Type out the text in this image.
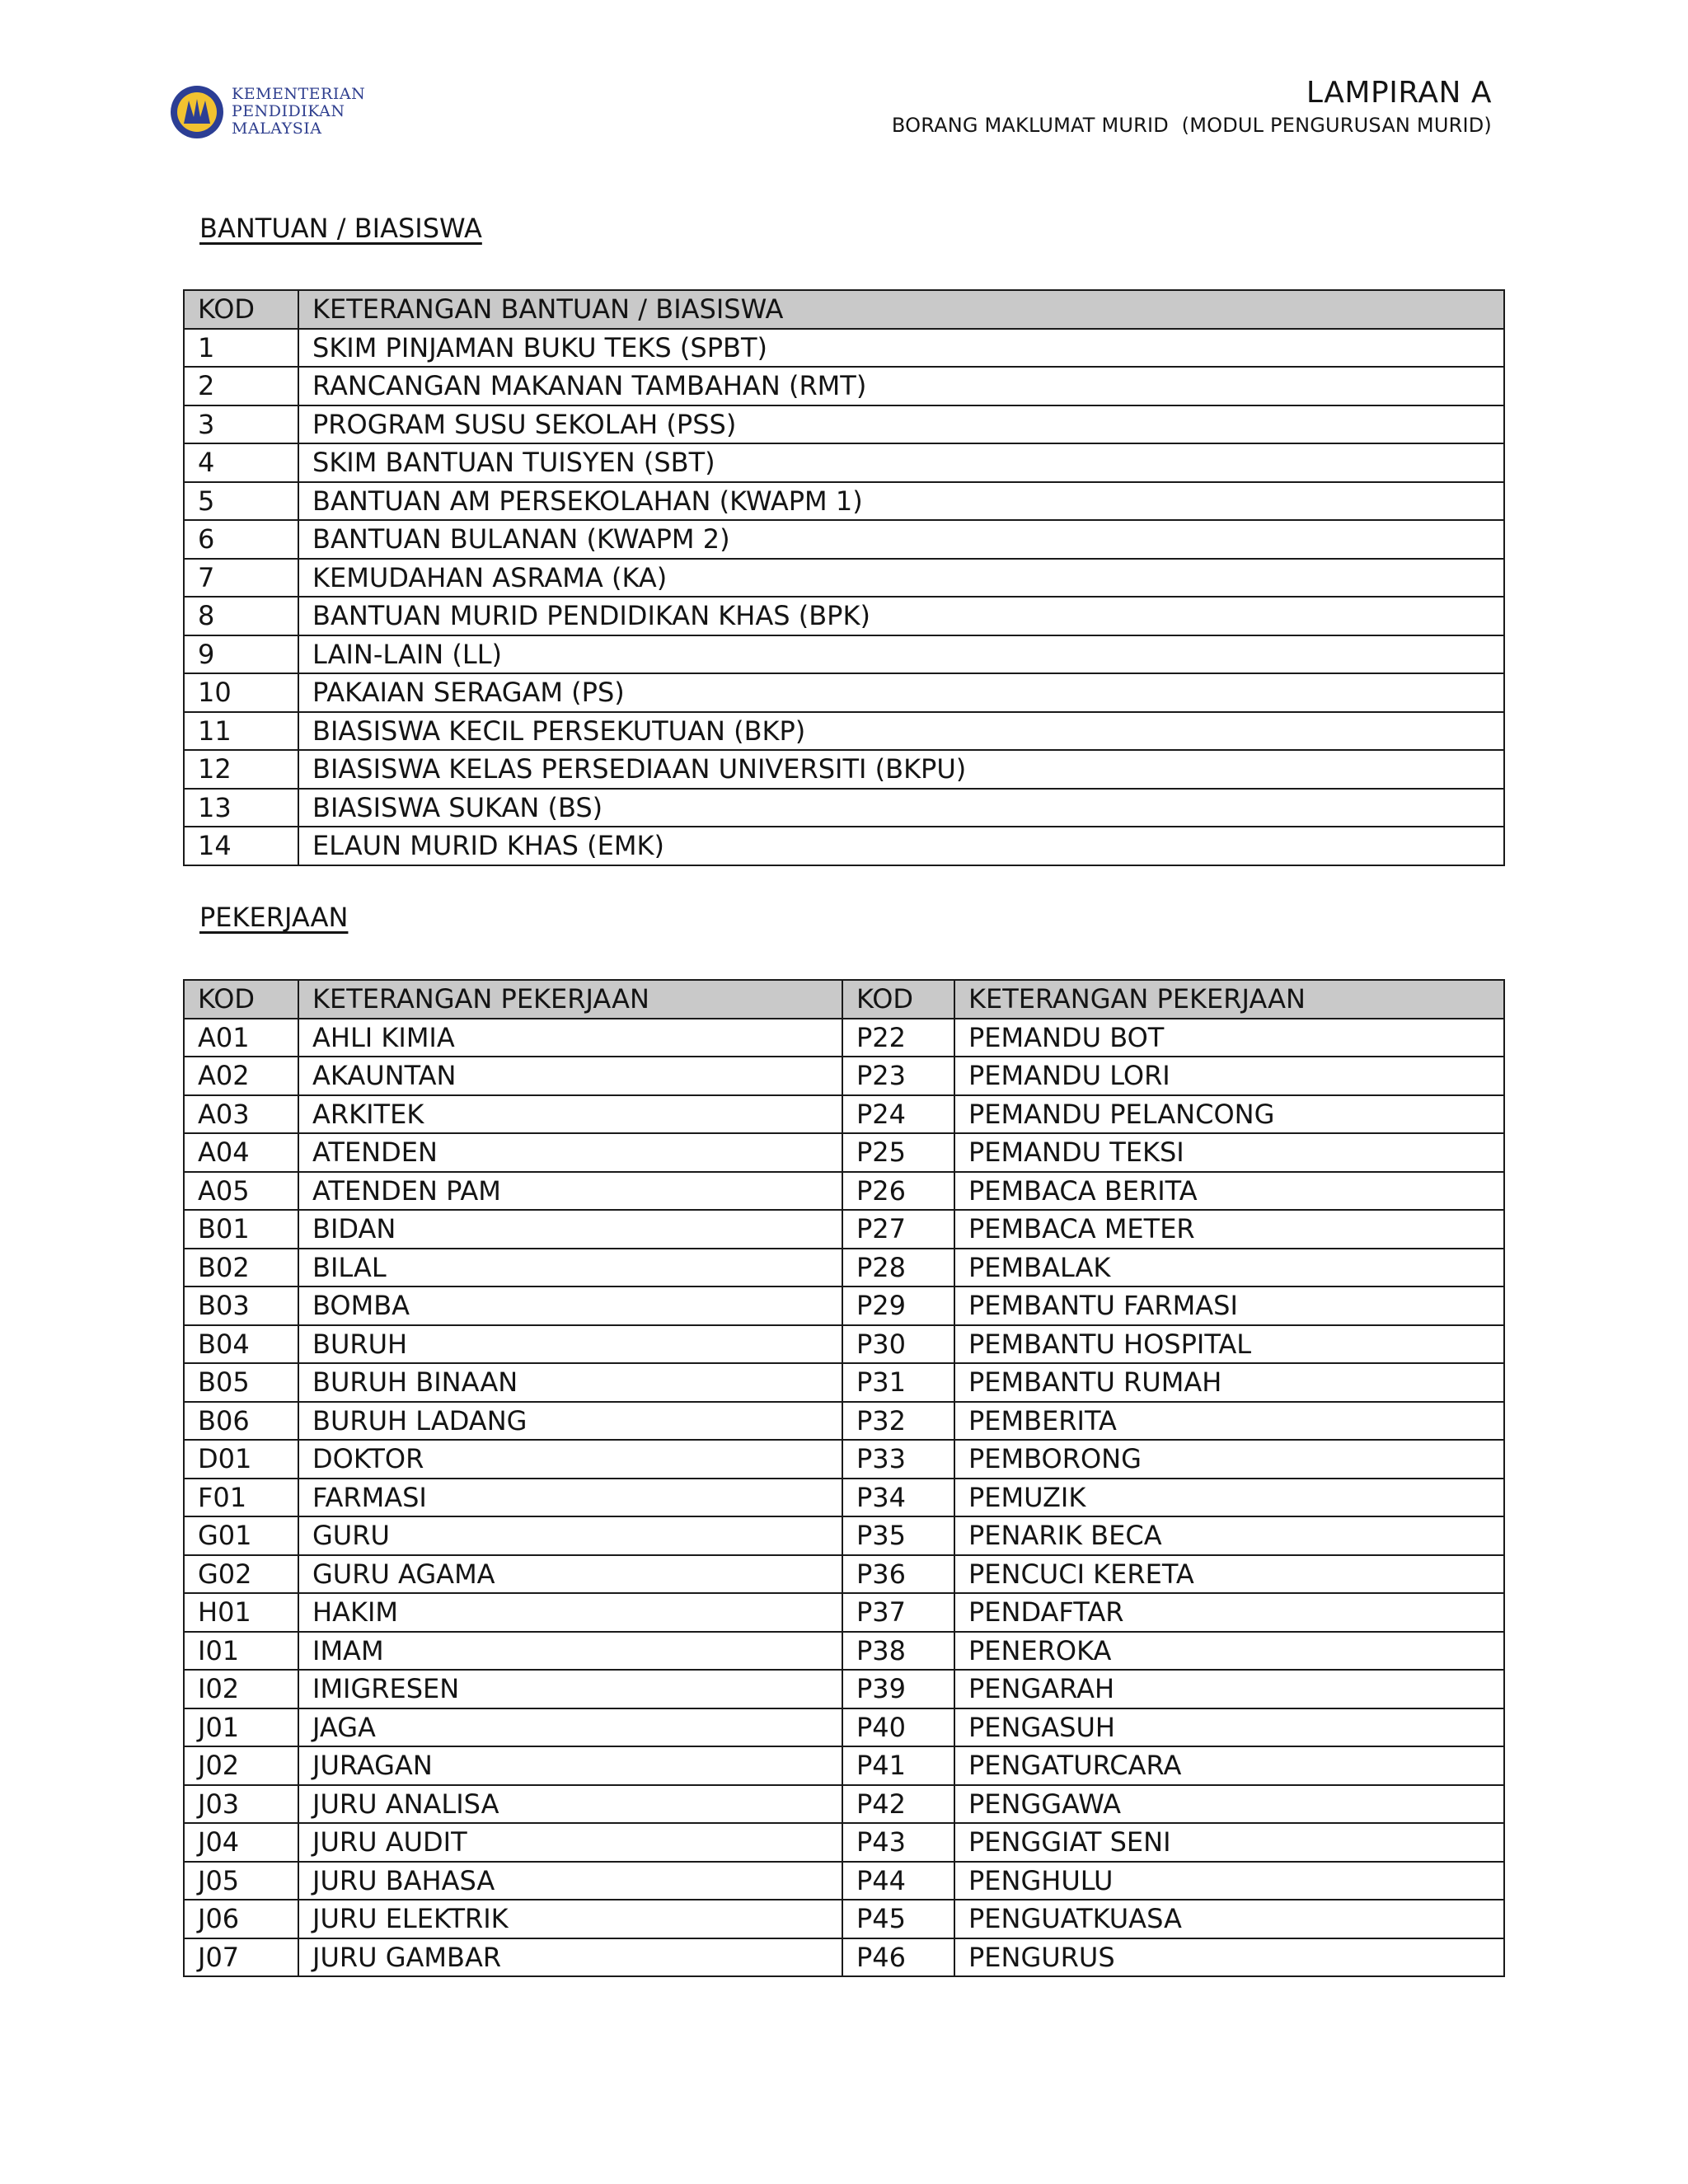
KEMENTERIAN
PENDIDIKAN
MALAYSIA
LAMPIRAN A
BORANG MAKLUMAT MURID  (MODUL PENGURUSAN MURID)
BANTUAN / BIASISWA
KOD	KETERANGAN BANTUAN / BIASISWA
1	SKIM PINJAMAN BUKU TEKS (SPBT)
2	RANCANGAN MAKANAN TAMBAHAN (RMT)
3	PROGRAM SUSU SEKOLAH (PSS)
4	SKIM BANTUAN TUISYEN (SBT)
5	BANTUAN AM PERSEKOLAHAN (KWAPM 1)
6	BANTUAN BULANAN (KWAPM 2)
7	KEMUDAHAN ASRAMA (KA)
8	BANTUAN MURID PENDIDIKAN KHAS (BPK)
9	LAIN-LAIN (LL)
10	PAKAIAN SERAGAM (PS)
11	BIASISWA KECIL PERSEKUTUAN (BKP)
12	BIASISWA KELAS PERSEDIAAN UNIVERSITI (BKPU)
13	BIASISWA SUKAN (BS)
14	ELAUN MURID KHAS (EMK)
PEKERJAAN
KOD	KETERANGAN PEKERJAAN	KOD	KETERANGAN PEKERJAAN
A01	AHLI KIMIA	P22	PEMANDU BOT
A02	AKAUNTAN	P23	PEMANDU LORI
A03	ARKITEK	P24	PEMANDU PELANCONG
A04	ATENDEN	P25	PEMANDU TEKSI
A05	ATENDEN PAM	P26	PEMBACA BERITA
B01	BIDAN	P27	PEMBACA METER
B02	BILAL	P28	PEMBALAK
B03	BOMBA	P29	PEMBANTU FARMASI
B04	BURUH	P30	PEMBANTU HOSPITAL
B05	BURUH BINAAN	P31	PEMBANTU RUMAH
B06	BURUH LADANG	P32	PEMBERITA
D01	DOKTOR	P33	PEMBORONG
F01	FARMASI	P34	PEMUZIK
G01	GURU	P35	PENARIK BECA
G02	GURU AGAMA	P36	PENCUCI KERETA
H01	HAKIM	P37	PENDAFTAR
I01	IMAM	P38	PENEROKA
I02	IMIGRESEN	P39	PENGARAH
J01	JAGA	P40	PENGASUH
J02	JURAGAN	P41	PENGATURCARA
J03	JURU ANALISA	P42	PENGGAWA
J04	JURU AUDIT	P43	PENGGIAT SENI
J05	JURU BAHASA	P44	PENGHULU
J06	JURU ELEKTRIK	P45	PENGUATKUASA
J07	JURU GAMBAR	P46	PENGURUS
